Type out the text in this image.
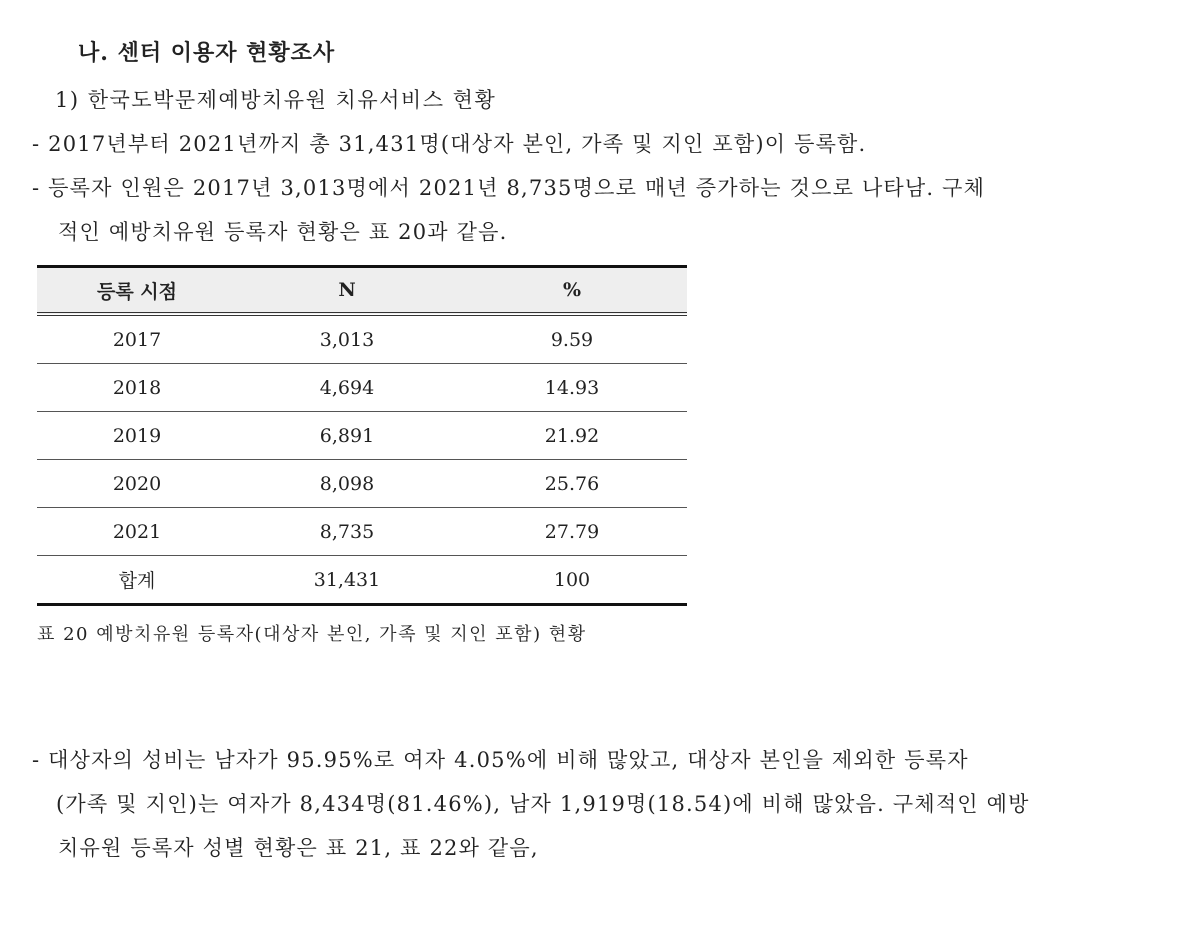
나. 센터 이용자 현황조사
1) 한국도박문제예방치유원 치유서비스 현황
- 2017년부터 2021년까지 총 31,431명(대상자 본인, 가족 및 지인 포함)이 등록함.
- 등록자 인원은 2017년 3,013명에서 2021년 8,735명으로 매년 증가하는 것으로 나타남. 구체
적인 예방치유원 등록자 현황은 표 20과 같음.
등록 시점	N	%
2017	3,013	9.59
2018	4,694	14.93
2019	6,891	21.92
2020	8,098	25.76
2021	8,735	27.79
합계	31,431	100
표 20 예방치유원 등록자(대상자 본인, 가족 및 지인 포함) 현황
- 대상자의 성비는 남자가 95.95%로 여자 4.05%에 비해 많았고, 대상자 본인을 제외한 등록자
(가족 및 지인)는 여자가 8,434명(81.46%), 남자 1,919명(18.54)에 비해 많았음. 구체적인 예방
치유원 등록자 성별 현황은 표 21, 표 22와 같음,
